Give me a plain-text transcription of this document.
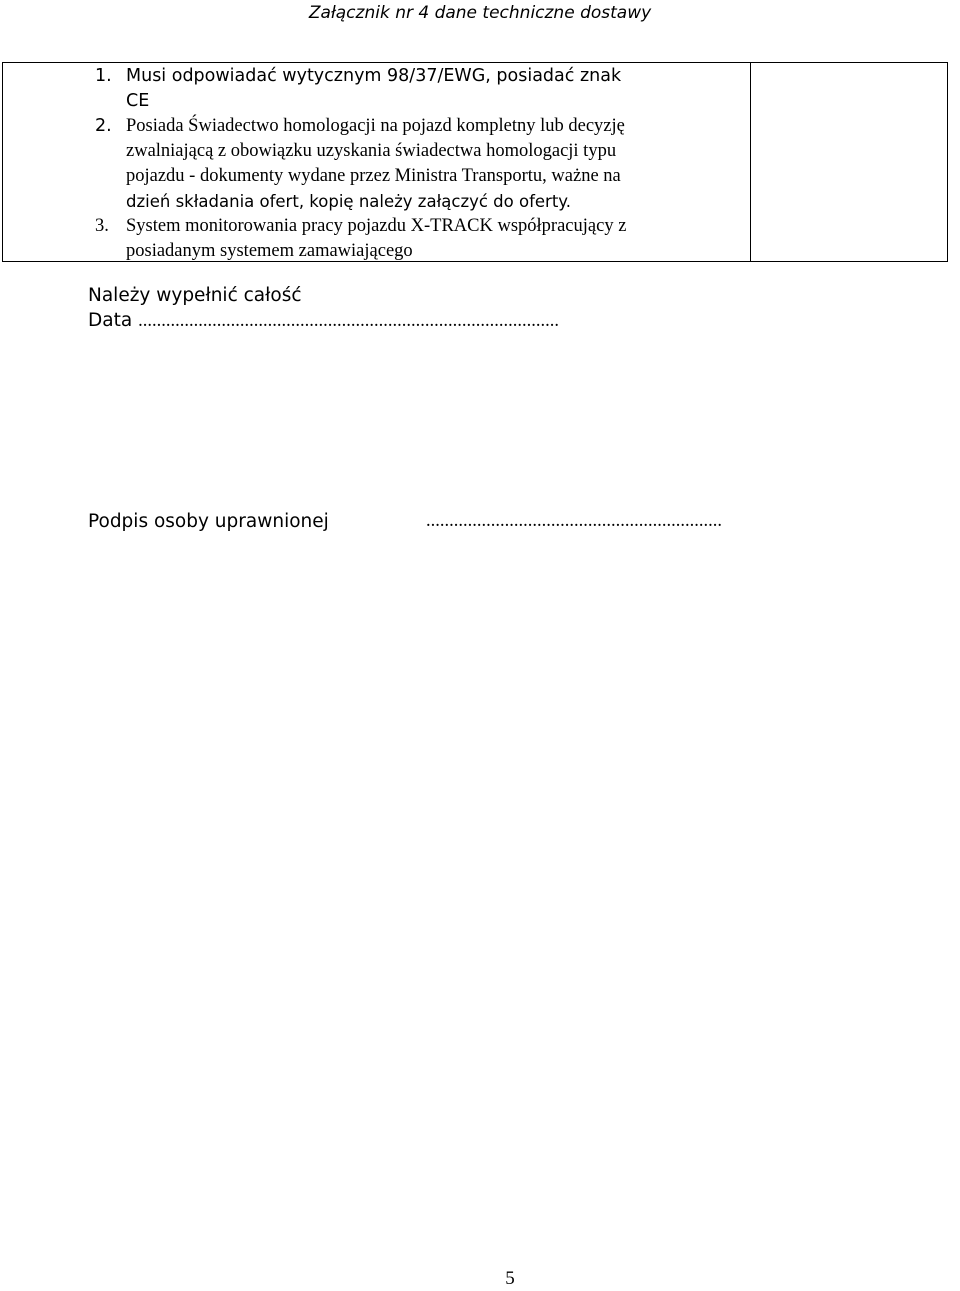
Załącznik nr 4 dane techniczne dostawy
1. Musi odpowiadać wytycznym 98/37/EWG, posiadać znak
CE
2. Posiada Świadectwo homologacji na pojazd kompletny lub decyzję
zwalniającą z obowiązku uzyskania świadectwa homologacji typu
pojazdu - dokumenty wydane przez Ministra Transportu, ważne na
dzień składania ofert, kopię należy załączyć do oferty.
3. System monitorowania pracy pojazdu X-TRACK współpracujący z
posiadanym systemem zamawiającego
Należy wypełnić całość
Data ...........................................................................................
Podpis osoby uprawnionej	................................................................
5
